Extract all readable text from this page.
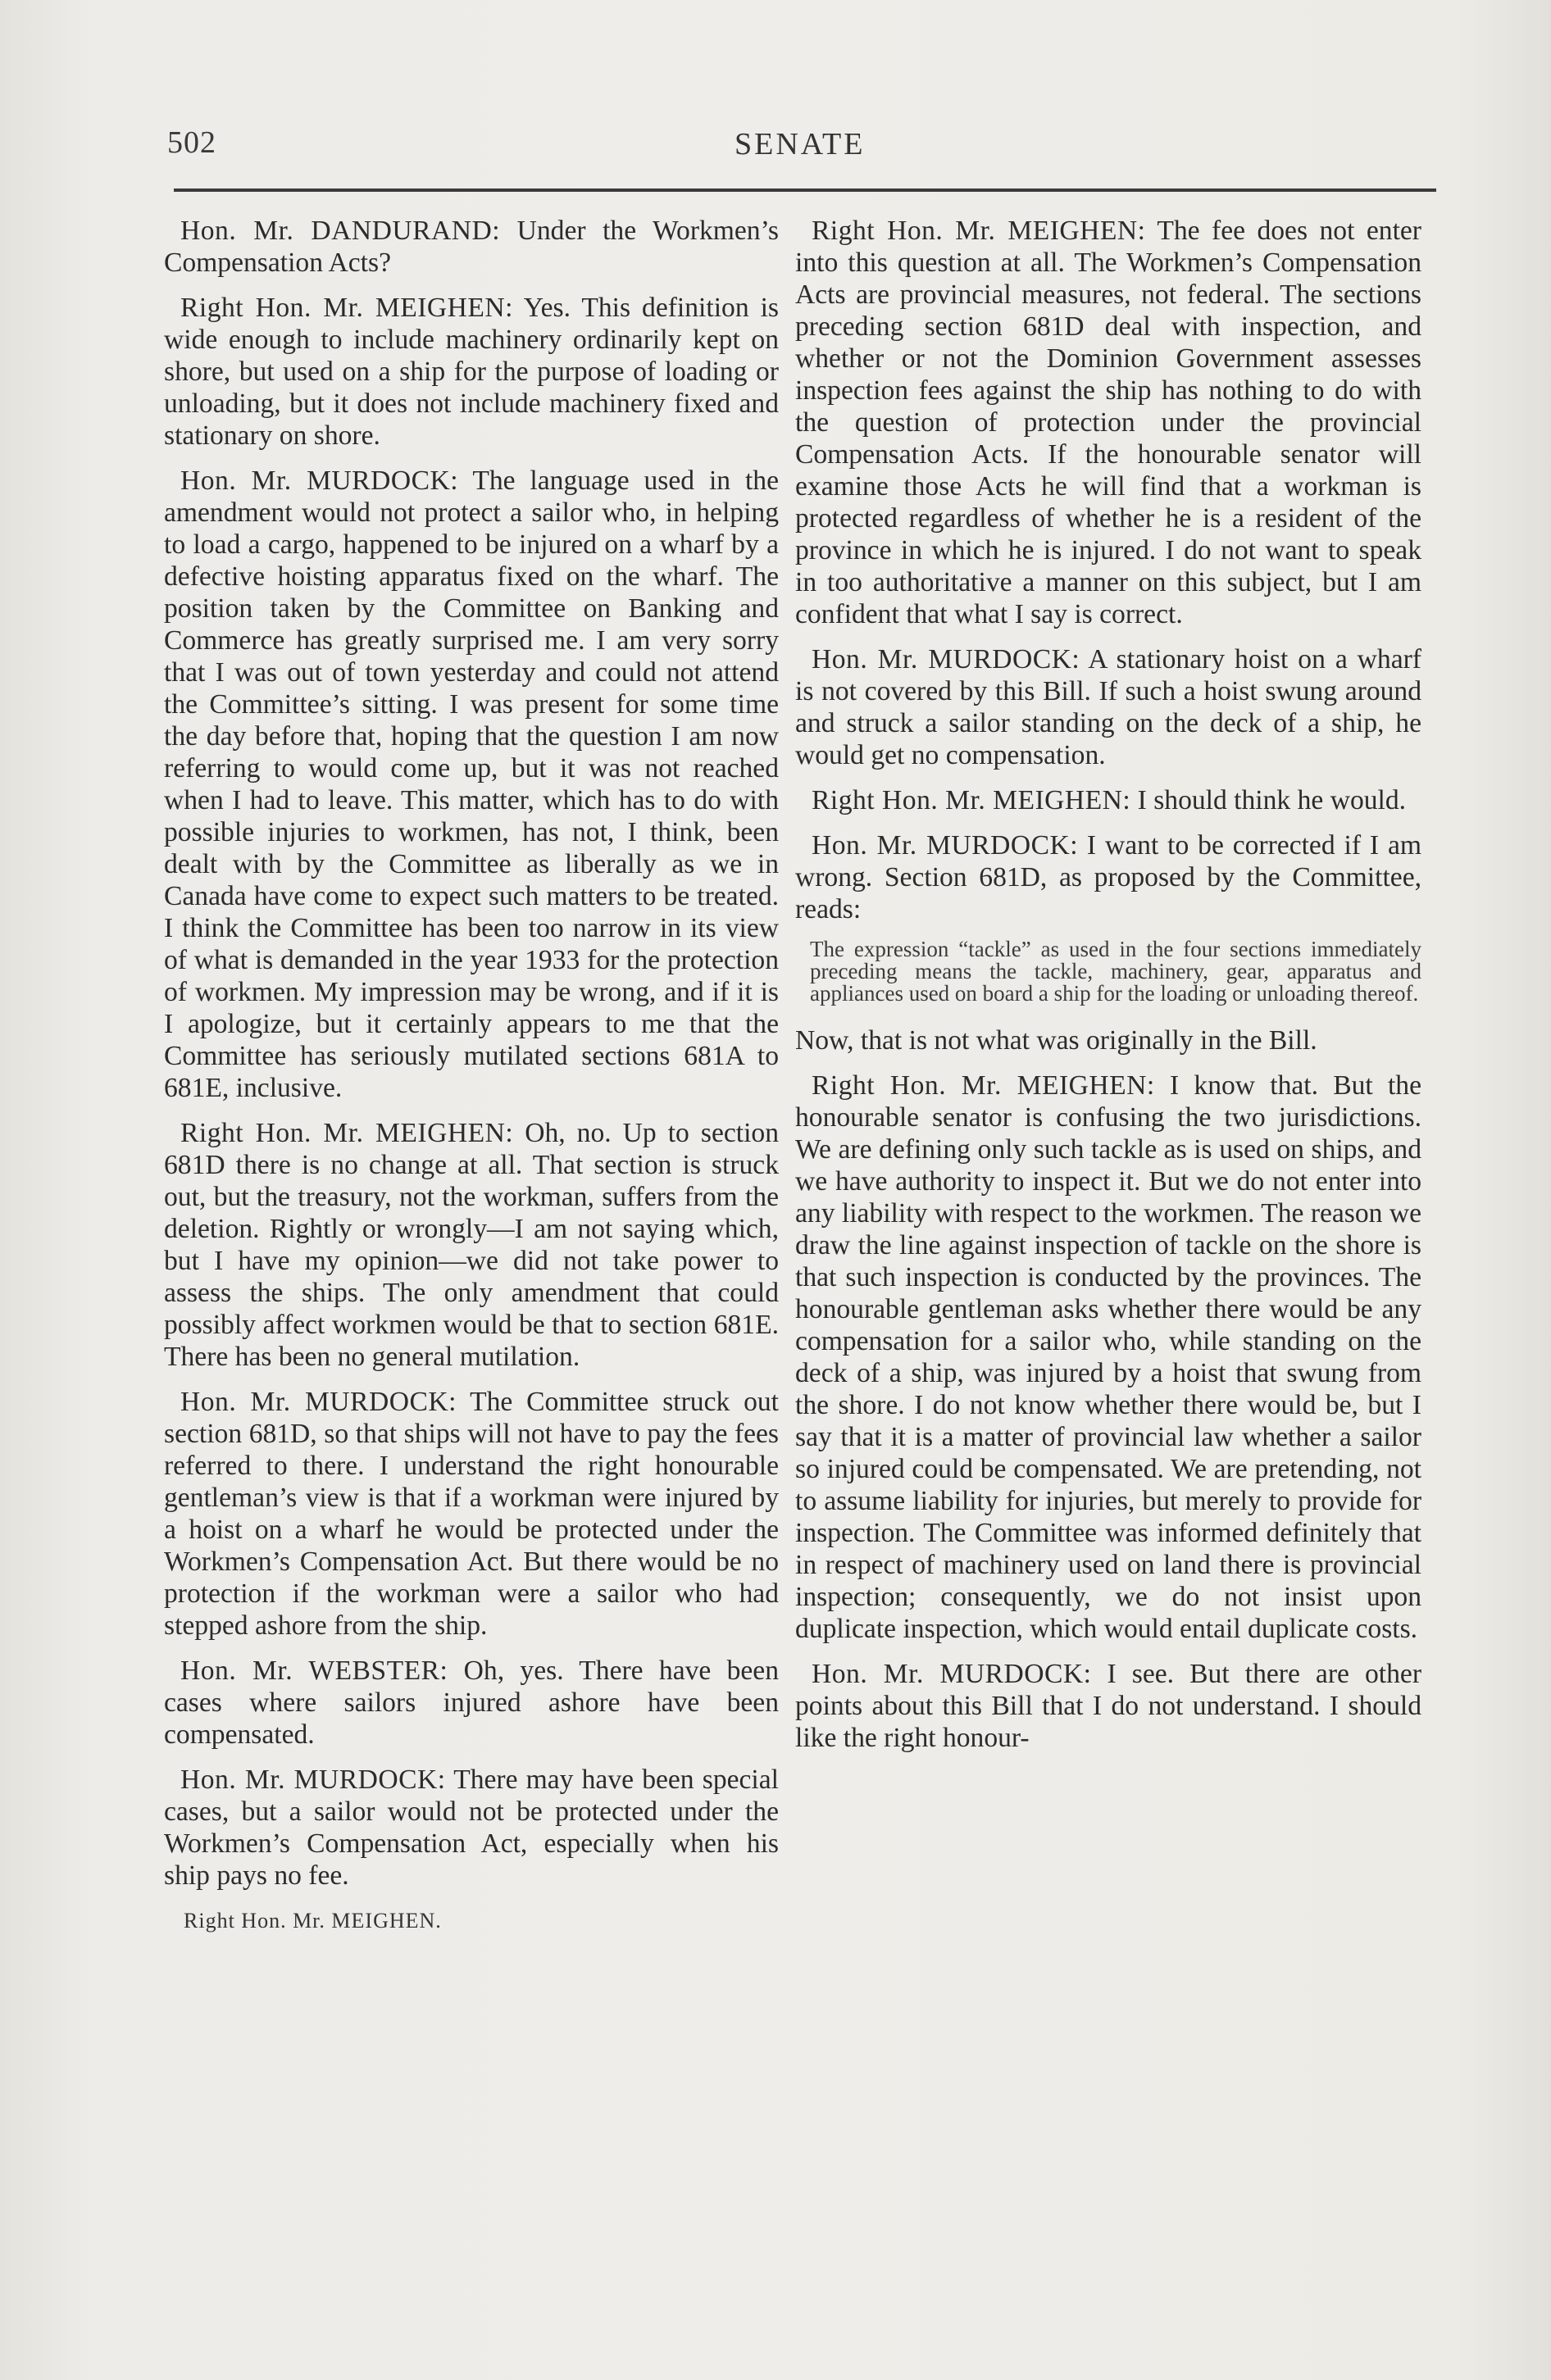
502	SENATE

Hon. Mr. DANDURAND: Under the Workmen’s Compensation Acts?

Right Hon. Mr. MEIGHEN: Yes. This definition is wide enough to include machinery ordinarily kept on shore, but used on a ship for the purpose of loading or unloading, but it does not include machinery fixed and stationary on shore.

Hon. Mr. MURDOCK: The language used in the amendment would not protect a sailor who, in helping to load a cargo, happened to be injured on a wharf by a defective hoisting apparatus fixed on the wharf. The position taken by the Committee on Banking and Commerce has greatly surprised me. I am very sorry that I was out of town yesterday and could not attend the Committee’s sitting. I was present for some time the day before that, hoping that the question I am now referring to would come up, but it was not reached when I had to leave. This matter, which has to do with possible injuries to workmen, has not, I think, been dealt with by the Committee as liberally as we in Canada have come to expect such matters to be treated. I think the Committee has been too narrow in its view of what is demanded in the year 1933 for the protection of workmen. My impression may be wrong, and if it is I apologize, but it certainly appears to me that the Committee has seriously mutilated sections 681A to 681E, inclusive.

Right Hon. Mr. MEIGHEN: Oh, no. Up to section 681D there is no change at all. That section is struck out, but the treasury, not the workman, suffers from the deletion. Rightly or wrongly—I am not saying which, but I have my opinion—we did not take power to assess the ships. The only amendment that could possibly affect workmen would be that to section 681E. There has been no general mutilation.

Hon. Mr. MURDOCK: The Committee struck out section 681D, so that ships will not have to pay the fees referred to there. I understand the right honourable gentleman’s view is that if a workman were injured by a hoist on a wharf he would be protected under the Workmen’s Compensation Act. But there would be no protection if the workman were a sailor who had stepped ashore from the ship.

Hon. Mr. WEBSTER: Oh, yes. There have been cases where sailors injured ashore have been compensated.

Hon. Mr. MURDOCK: There may have been special cases, but a sailor would not be protected under the Workmen’s Compensation Act, especially when his ship pays no fee.

Right Hon. Mr. MEIGHEN.

Right Hon. Mr. MEIGHEN: The fee does not enter into this question at all. The Workmen’s Compensation Acts are provincial measures, not federal. The sections preceding section 681D deal with inspection, and whether or not the Dominion Government assesses inspection fees against the ship has nothing to do with the question of protection under the provincial Compensation Acts. If the honourable senator will examine those Acts he will find that a workman is protected regardless of whether he is a resident of the province in which he is injured. I do not want to speak in too authoritative a manner on this subject, but I am confident that what I say is correct.

Hon. Mr. MURDOCK: A stationary hoist on a wharf is not covered by this Bill. If such a hoist swung around and struck a sailor standing on the deck of a ship, he would get no compensation.

Right Hon. Mr. MEIGHEN: I should think he would.

Hon. Mr. MURDOCK: I want to be corrected if I am wrong. Section 681D, as proposed by the Committee, reads:

The expression “tackle” as used in the four sections immediately preceding means the tackle, machinery, gear, apparatus and appliances used on board a ship for the loading or unloading thereof.

Now, that is not what was originally in the Bill.

Right Hon. Mr. MEIGHEN: I know that. But the honourable senator is confusing the two jurisdictions. We are defining only such tackle as is used on ships, and we have authority to inspect it. But we do not enter into any liability with respect to the workmen. The reason we draw the line against inspection of tackle on the shore is that such inspection is conducted by the provinces. The honourable gentleman asks whether there would be any compensation for a sailor who, while standing on the deck of a ship, was injured by a hoist that swung from the shore. I do not know whether there would be, but I say that it is a matter of provincial law whether a sailor so injured could be compensated. We are pretending, not to assume liability for injuries, but merely to provide for inspection. The Committee was informed definitely that in respect of machinery used on land there is provincial inspection; consequently, we do not insist upon duplicate inspection, which would entail duplicate costs.

Hon. Mr. MURDOCK: I see. But there are other points about this Bill that I do not understand. I should like the right honour-
